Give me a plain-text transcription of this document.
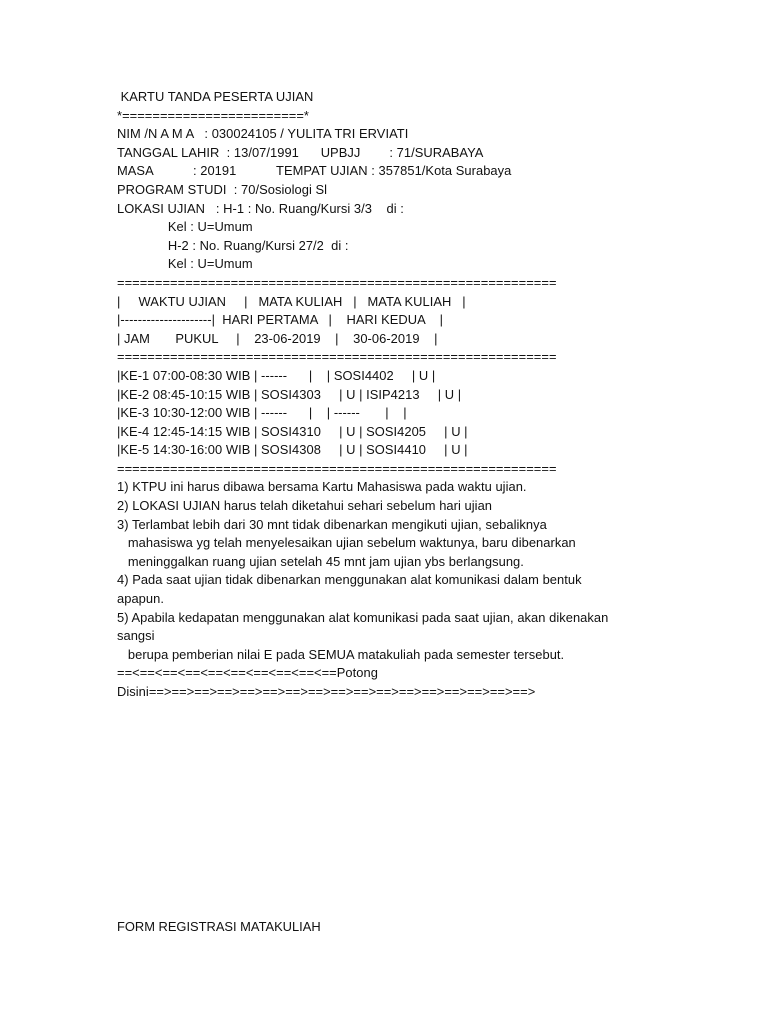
KARTU TANDA PESERTA UJIAN
*========================*
NIM /N A M A   : 030024105 / YULITA TRI ERVIATI
TANGGAL LAHIR  : 13/07/1991      UPBJJ        : 71/SURABAYA
MASA           : 20191           TEMPAT UJIAN : 357851/Kota Surabaya
PROGRAM STUDI  : 70/Sosiologi Sl
LOKASI UJIAN   : H-1 : No. Ruang/Kursi 3/3    di :
Kel : U=Umum
H-2 : No. Ruang/Kursi 27/2  di :
Kel : U=Umum
==========================================================
|     WAKTU UJIAN     |   MATA KULIAH   |   MATA KULIAH   |
|---------------------|  HARI PERTAMA   |    HARI KEDUA    |
| JAM       PUKUL     |    23-06-2019    |    30-06-2019    |
==========================================================
|KE-1 07:00-08:30 WIB | ------      |    | SOSI4402     | U |
|KE-2 08:45-10:15 WIB | SOSI4303     | U | ISIP4213     | U |
|KE-3 10:30-12:00 WIB | ------      |    | ------       |    |
|KE-4 12:45-14:15 WIB | SOSI4310     | U | SOSI4205     | U |
|KE-5 14:30-16:00 WIB | SOSI4308     | U | SOSI4410     | U |
==========================================================
1) KTPU ini harus dibawa bersama Kartu Mahasiswa pada waktu ujian.
2) LOKASI UJIAN harus telah diketahui sehari sebelum hari ujian
3) Terlambat lebih dari 30 mnt tidak dibenarkan mengikuti ujian, sebaliknya
mahasiswa yg telah menyelesaikan ujian sebelum waktunya, baru dibenarkan
meninggalkan ruang ujian setelah 45 mnt jam ujian ybs berlangsung.
4) Pada saat ujian tidak dibenarkan menggunakan alat komunikasi dalam bentuk
apapun.
5) Apabila kedapatan menggunakan alat komunikasi pada saat ujian, akan dikenakan
sangsi
berupa pemberian nilai E pada SEMUA matakuliah pada semester tersebut.
==<==<==<==<==<==<==<==<==<==Potong
Disini==>==>==>==>==>==>==>==>==>==>==>==>==>==>==>==>==>
FORM REGISTRASI MATAKULIAH
